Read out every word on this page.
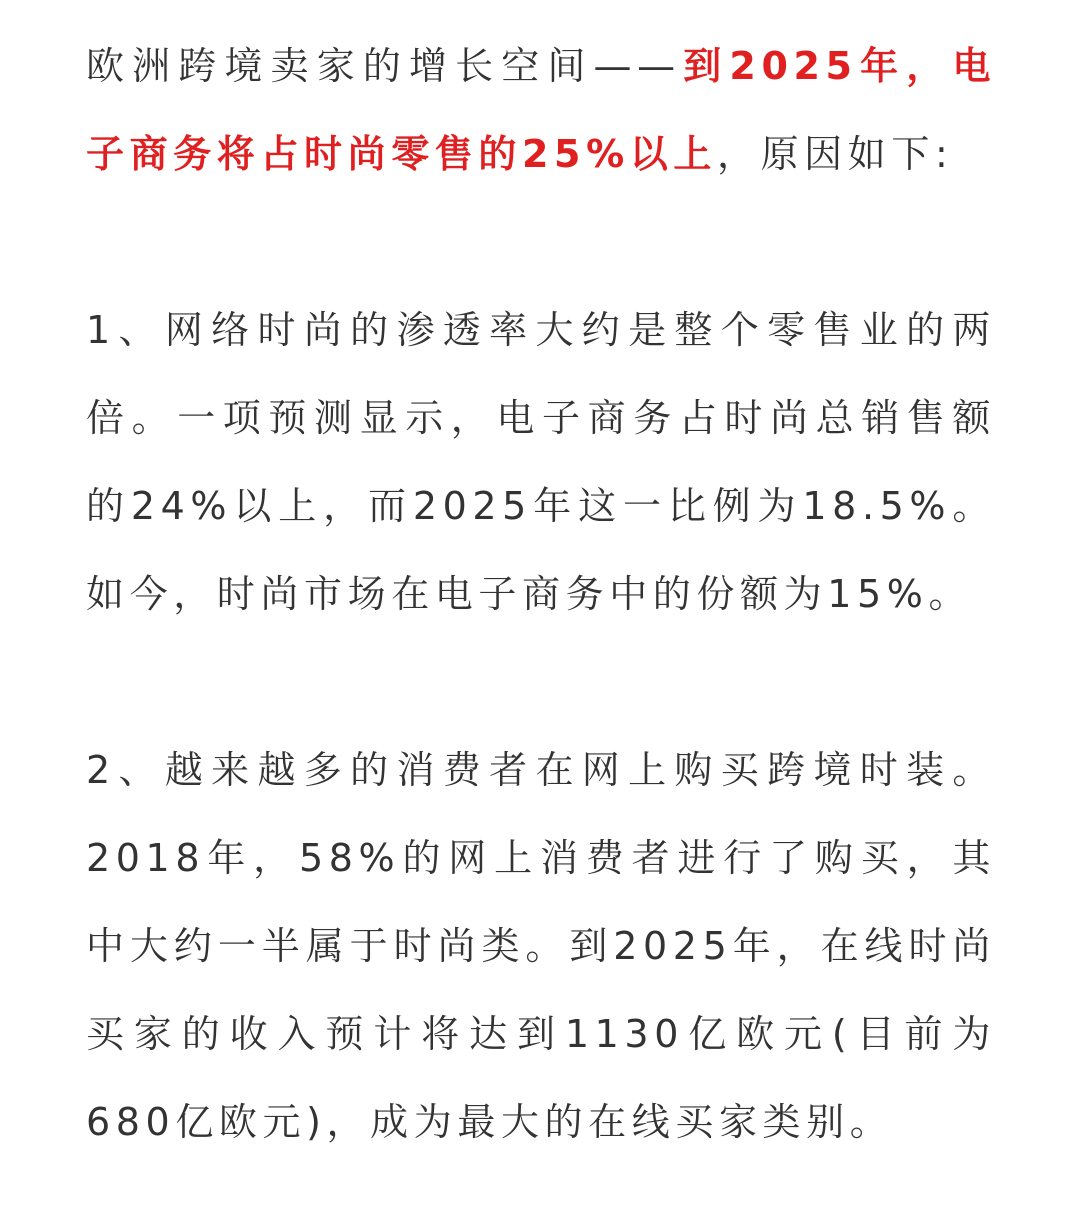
欧洲跨境卖家的增长空间——到2025年，电子商务将占时尚零售的25%以上，原因如下:

1、网络时尚的渗透率大约是整个零售业的两倍。一项预测显示，电子商务占时尚总销售额的24%以上，而2025年这一比例为18.5%。如今，时尚市场在电子商务中的份额为15%。

2、越来越多的消费者在网上购买跨境时装。2018年，58%的网上消费者进行了购买，其中大约一半属于时尚类。到2025年，在线时尚买家的收入预计将达到1130亿欧元(目前为680亿欧元)，成为最大的在线买家类别。
